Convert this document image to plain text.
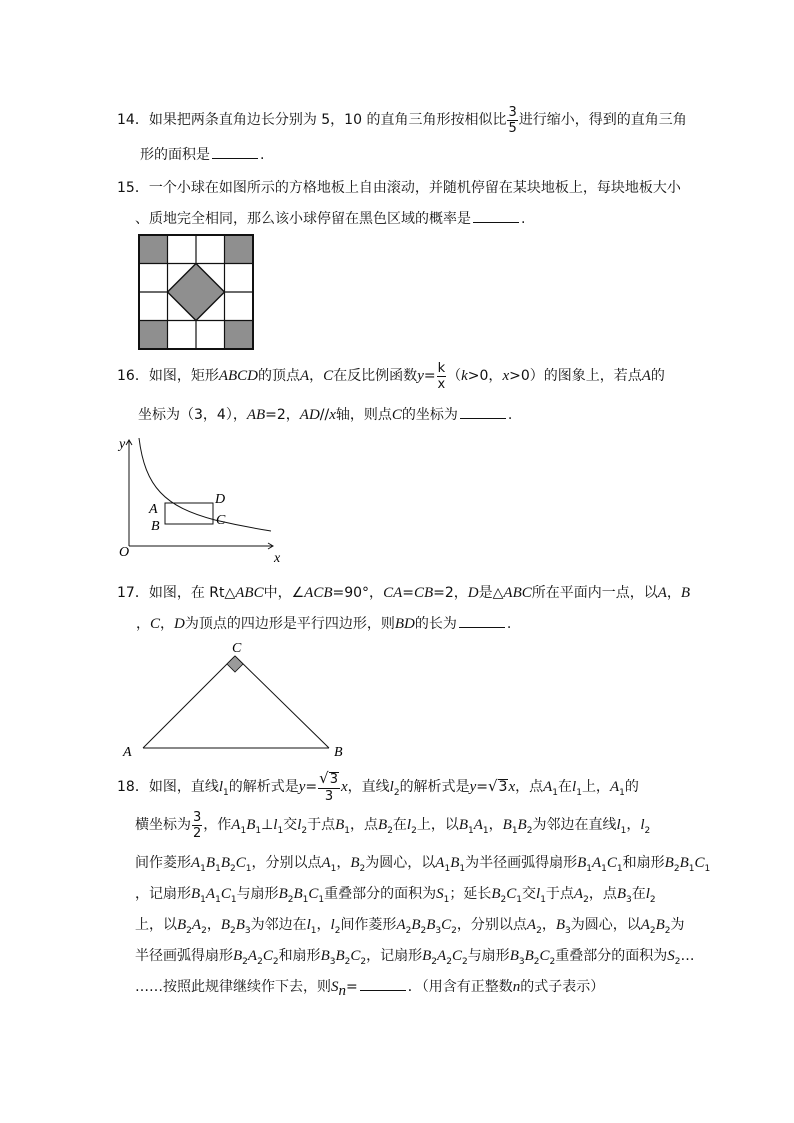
14．如果把两条直角边长分别为 5，10 的直角三角形按相似比 $\frac{3}{5}$ 进行缩小，得到的直角三角
形的面积是	.
15．一个小球在如图所示的方格地板上自由滚动，并随机停留在某块地板上，每块地板大小
、质地完全相同，那么该小球停留在黑色区域的概率是	.
16．如图，矩形ABCD的顶点A，C在反比例函数$y= \frac{k}{x} (k>0$，x>0）的图象上，若点A的
坐标为（3，4），AB=2，AD//x轴，则点C的坐标为	.
y
x
O
A
B
D
C
17．如图，在 Rt△ABC中，∠ACB=90°，CA=CB=2，D是△ABC所在平面内一点，以A，B
，C，D为顶点的四边形是平行四边形，则BD的长为	.
A	B
C
18．如图，直线$l_1$的解析式是$y= \frac{√3}{3}$ x，直线$l_2$的解析式是y=√3x，点$A_1$在$l_1$上，$A_1$的
横坐标为 $\frac{3}{2}$ ，作$A_1B_1\perp l_1$交$l_2$于点$B_1$，点$B_2$在$l_2$上，以$B_1A_1$，$B_1B_2$为邻边在直线$l_1$，$l_2$
间作菱形$A_1B_1B_2C_1$，分别以点$A_1$，$B_2$为圆心，以$A_1B_1$为半径画弧得扇形$B_1A_1C_1$和扇形$B_2B_1C_1$
，记扇形$B_1A_1C_1$与扇形$B_2B_1C_1$重叠部分的面积为$S_1$；延长$B_2C_1$交$l_1$于点$A_2$，点$B_3$在$l_2$
上，以$B_2A_2$，$B_2B_3$为邻边在$l_1$，$l_2$间作菱形$A_2B_2B_3C_2$，分别以点$A_2$，$B_3$为圆心，以$A_2B_2$为
半径画弧得扇形$B_2A_2C_2$和扇形$B_3B_2C_2$，记扇形$B_2A_2C_2$与扇形$B_3B_2C_2$重叠部分的面积为$S_2\dots$
……按照此规律继续作下去，则$S_n=$	．（用含有正整数n的式子表示）
